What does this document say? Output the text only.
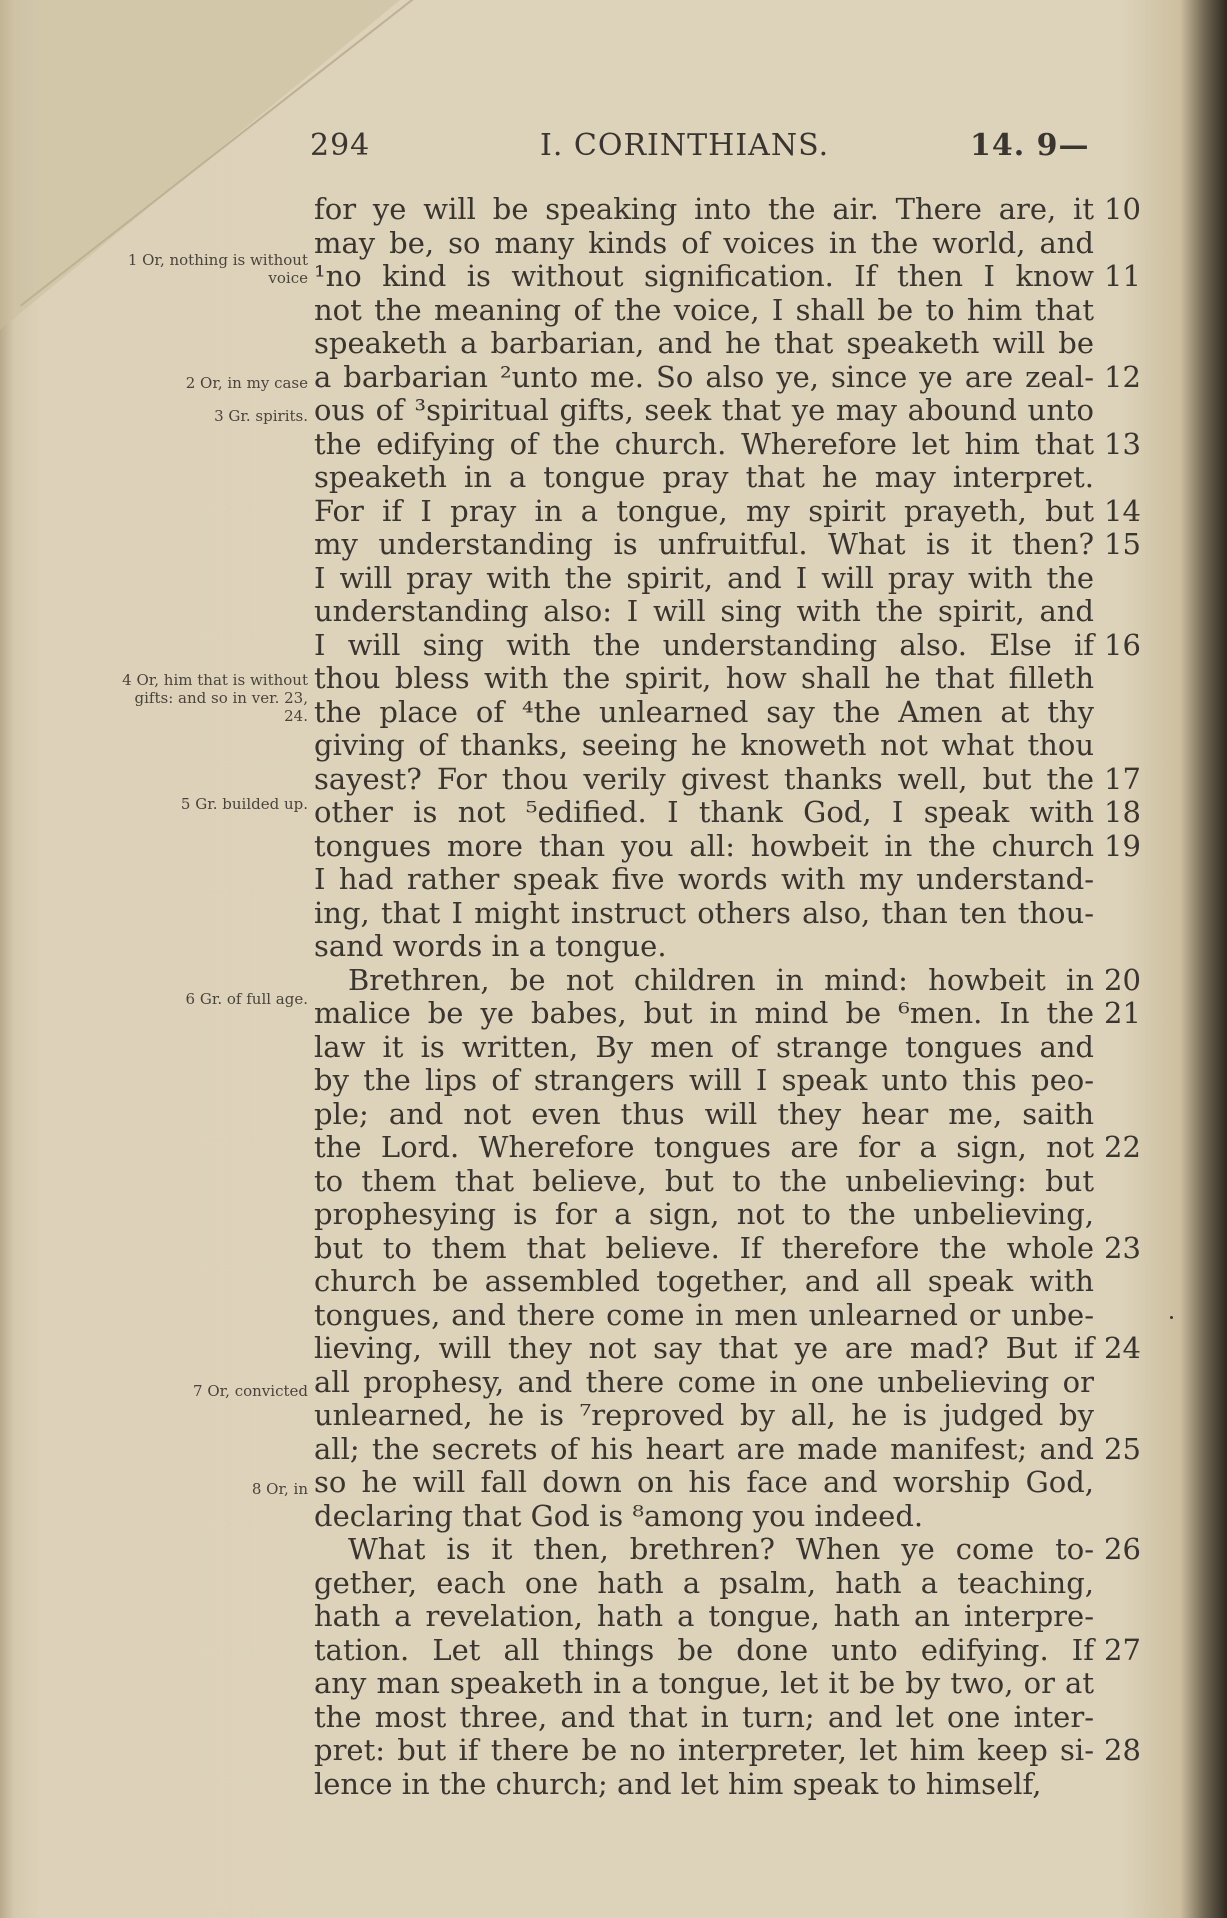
294	I. CORINTHIANS.	14. 9—
1 Or, nothing is without voice
2 Or, in my case
3 Gr. spirits.
4 Or, him that is without gifts: and so in ver. 23, 24.
5 Gr. builded up.
6 Gr. of full age.
7 Or, convicted
8 Or, in
for ye will be speaking into the air. There are, it 10
may be, so many kinds of voices in the world, and
¹no kind is without signification. If then I know 11
not the meaning of the voice, I shall be to him that
speaketh a barbarian, and he that speaketh will be
a barbarian ²unto me. So also ye, since ye are zeal- 12
ous of ³spiritual gifts, seek that ye may abound unto
the edifying of the church. Wherefore let him that 13
speaketh in a tongue pray that he may interpret.
For if I pray in a tongue, my spirit prayeth, but 14
my understanding is unfruitful. What is it then? 15
I will pray with the spirit, and I will pray with the
understanding also: I will sing with the spirit, and
I will sing with the understanding also. Else if 16
thou bless with the spirit, how shall he that filleth
the place of ⁴the unlearned say the Amen at thy
giving of thanks, seeing he knoweth not what thou
sayest? For thou verily givest thanks well, but the 17
other is not ⁵edified. I thank God, I speak with 18
tongues more than you all: howbeit in the church 19
I had rather speak five words with my understand-
ing, that I might instruct others also, than ten thou-
sand words in a tongue.
Brethren, be not children in mind: howbeit in 20
malice be ye babes, but in mind be ⁶men. In the 21
law it is written, By men of strange tongues and
by the lips of strangers will I speak unto this peo-
ple; and not even thus will they hear me, saith
the Lord. Wherefore tongues are for a sign, not 22
to them that believe, but to the unbelieving: but
prophesying is for a sign, not to the unbelieving,
but to them that believe. If therefore the whole 23
church be assembled together, and all speak with
tongues, and there come in men unlearned or unbe-
lieving, will they not say that ye are mad? But if 24
all prophesy, and there come in one unbelieving or
unlearned, he is ⁷reproved by all, he is judged by
all; the secrets of his heart are made manifest; and 25
so he will fall down on his face and worship God,
declaring that God is ⁸among you indeed.
What is it then, brethren? When ye come to- 26
gether, each one hath a psalm, hath a teaching,
hath a revelation, hath a tongue, hath an interpre-
tation. Let all things be done unto edifying. If 27
any man speaketh in a tongue, let it be by two, or at
the most three, and that in turn; and let one inter-
pret: but if there be no interpreter, let him keep si- 28
lence in the church; and let him speak to himself,
